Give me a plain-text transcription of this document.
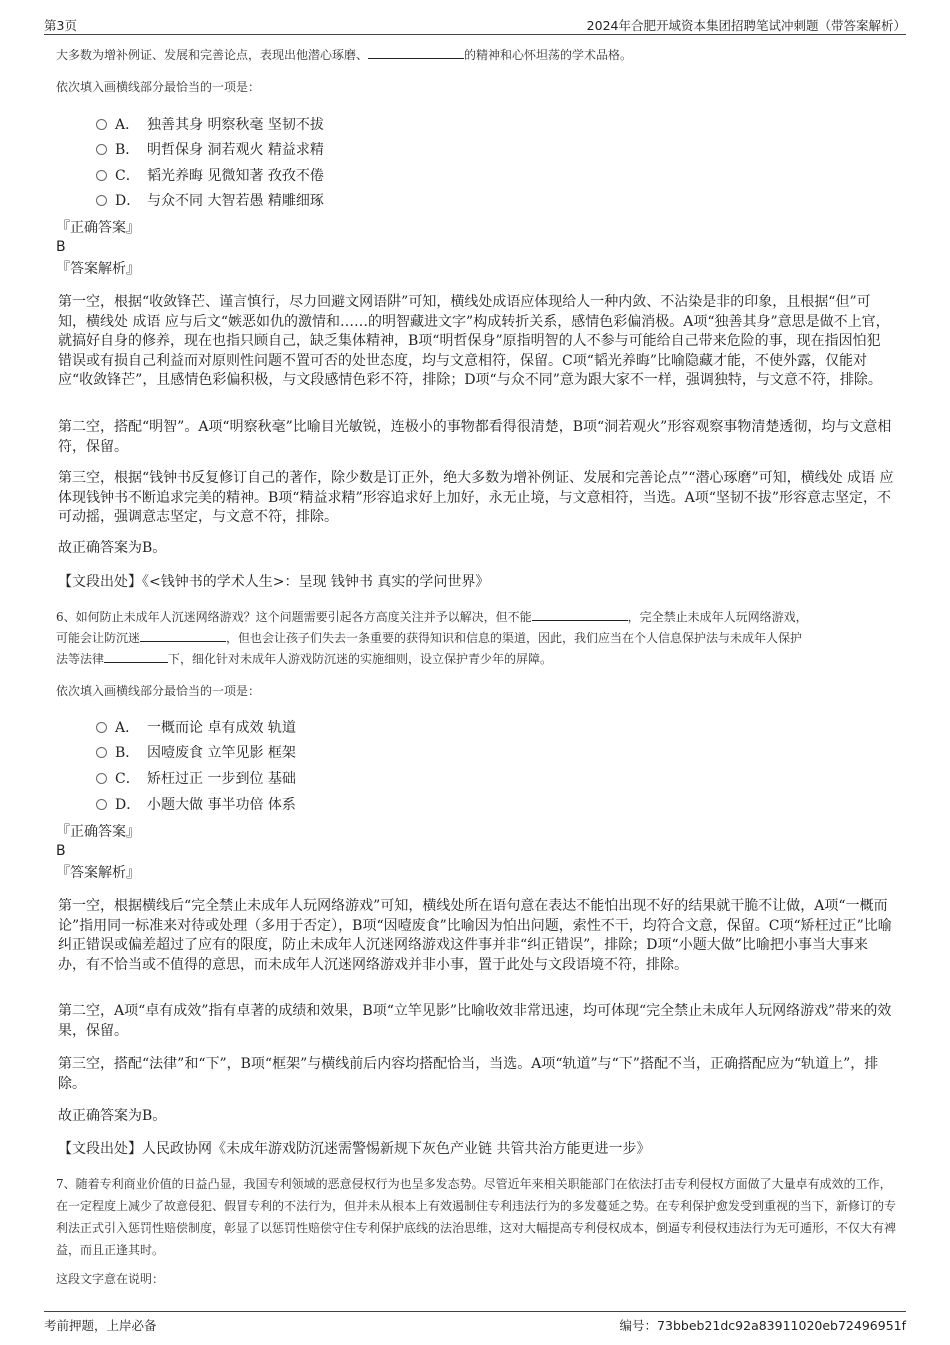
第3页	2024年合肥开域资本集团招聘笔试冲刺题（带答案解析）
大多数为增补例证、发展和完善论点，表现出他潜心琢磨、	的精神和心怀坦荡的学术品格。
依次填入画横线部分最恰当的一项是：
A． 独善其身 明察秋毫 坚韧不拔
B． 明哲保身 洞若观火 精益求精
C． 韬光养晦 见微知著 孜孜不倦
D． 与众不同 大智若愚 精雕细琢
『正确答案』
B
『答案解析』
第一空，根据“收敛锋芒、谨言慎行，尽力回避文网语阱”可知，横线处成语应体现给人一种内敛、不沾染是非的印象，且根据“但”可知，横线处 成语 应与后文“嫉恶如仇的激情和……的明智藏进文字”构成转折关系，感情色彩偏消极。A项“独善其身”意思是做不上官，就搞好自身的修养，现在也指只顾自己，缺乏集体精神，B项“明哲保身”原指明智的人不参与可能给自己带来危险的事，现在指因怕犯错误或有损自己利益而对原则性问题不置可否的处世态度，均与文意相符，保留。C项“韬光养晦”比喻隐藏才能，不使外露，仅能对应“收敛锋芒”，且感情色彩偏积极，与文段感情色彩不符，排除；D项“与众不同”意为跟大家不一样，强调独特，与文意不符，排除。
第二空，搭配“明智”。A项“明察秋毫”比喻目光敏锐，连极小的事物都看得很清楚，B项“洞若观火”形容观察事物清楚透彻，均与文意相符，保留。
第三空，根据“钱钟书反复修订自己的著作，除少数是订正外，绝大多数为增补例证、发展和完善论点”“潜心琢磨”可知，横线处 成语 应体现钱钟书不断追求完美的精神。B项“精益求精”形容追求好上加好，永无止境，与文意相符，当选。A项“坚韧不拔”形容意志坚定，不可动摇，强调意志坚定，与文意不符，排除。
故正确答案为B。
【文段出处】《<钱钟书的学术人生>：呈现 钱钟书 真实的学问世界》
6、如何防止未成年人沉迷网络游戏？这个问题需要引起各方高度关注并予以解决，但不能	，完全禁止未成年人玩网络游戏，
可能会让防沉迷	，但也会让孩子们失去一条重要的获得知识和信息的渠道，因此，我们应当在个人信息保护法与未成年人保护
法等法律	下，细化针对未成年人游戏防沉迷的实施细则，设立保护青少年的屏障。
依次填入画横线部分最恰当的一项是：
A． 一概而论 卓有成效 轨道
B． 因噎废食 立竿见影 框架
C． 矫枉过正 一步到位 基础
D． 小题大做 事半功倍 体系
『正确答案』
B
『答案解析』
第一空，根据横线后“完全禁止未成年人玩网络游戏”可知，横线处所在语句意在表达不能怕出现不好的结果就干脆不让做，A项“一概而论”指用同一标准来对待或处理（多用于否定），B项“因噎废食”比喻因为怕出问题，索性不干，均符合文意，保留。C项“矫枉过正”比喻纠正错误或偏差超过了应有的限度，防止未成年人沉迷网络游戏这件事并非“纠正错误”，排除；D项“小题大做”比喻把小事当大事来办，有不恰当或不值得的意思，而未成年人沉迷网络游戏并非小事，置于此处与文段语境不符，排除。
第二空，A项“卓有成效”指有卓著的成绩和效果，B项“立竿见影”比喻收效非常迅速，均可体现“完全禁止未成年人玩网络游戏”带来的效果，保留。
第三空，搭配“法律”和“下”，B项“框架”与横线前后内容均搭配恰当，当选。A项“轨道”与“下”搭配不当，正确搭配应为“轨道上”，排除。
故正确答案为B。
【文段出处】人民政协网《未成年游戏防沉迷需警惕新规下灰色产业链 共管共治方能更进一步》
7、随着专利商业价值的日益凸显，我国专利领域的恶意侵权行为也呈多发态势。尽管近年来相关职能部门在依法打击专利侵权方面做了大量卓有成效的工作，在一定程度上减少了故意侵犯、假冒专利的不法行为，但并未从根本上有效遏制住专利违法行为的多发蔓延之势。在专利保护愈发受到重视的当下，新修订的专利法正式引入惩罚性赔偿制度，彰显了以惩罚性赔偿守住专利保护底线的法治思维，这对大幅提高专利侵权成本，倒逼专利侵权违法行为无可遁形，不仅大有裨益，而且正逢其时。
这段文字意在说明：
考前押题，上岸必备	编号：73bbeb21dc92a83911020eb72496951f
